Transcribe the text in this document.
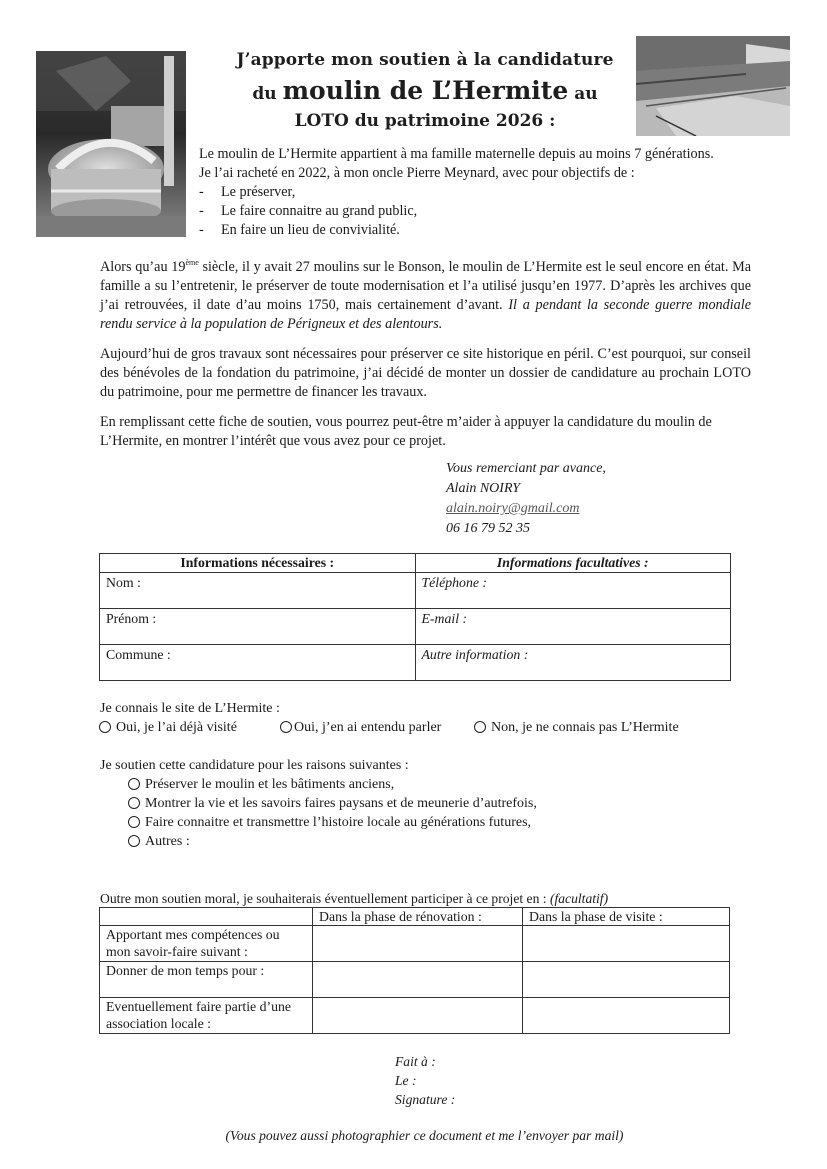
J’apporte mon soutien à la candidature
du moulin de L’Hermite au
LOTO du patrimoine 2026 :
Le moulin de L’Hermite appartient à ma famille maternelle depuis au moins 7 générations.
Je l’ai racheté en 2022, à mon oncle Pierre Meynard, avec pour objectifs de :
- Le préserver,
- Le faire connaitre au grand public,
- En faire un lieu de convivialité.
Alors qu’au 19ème siècle, il y avait 27 moulins sur le Bonson, le moulin de L’Hermite est le seul encore en état. Ma famille a su l’entretenir, le préserver de toute modernisation et l’a utilisé jusqu’en 1977. D’après les archives que j’ai retrouvées, il date d’au moins 1750, mais certainement d’avant. Il a pendant la seconde guerre mondiale rendu service à la population de Périgneux et des alentours.
Aujourd’hui de gros travaux sont nécessaires pour préserver ce site historique en péril. C’est pourquoi, sur conseil des bénévoles de la fondation du patrimoine, j’ai décidé de monter un dossier de candidature au prochain LOTO du patrimoine, pour me permettre de financer les travaux.
En remplissant cette fiche de soutien, vous pourrez peut-être m’aider à appuyer la candidature du moulin de L’Hermite, en montrer l’intérêt que vous avez pour ce projet.
Vous remerciant par avance,
Alain NOIRY
alain.noiry@gmail.com
06 16 79 52 35
Informations nécessaires :	Informations facultatives :
Nom :	Téléphone :
Prénom :	E-mail :
Commune :	Autre information :
Je connais le site de L’Hermite :
Oui, je l’ai déjà visité	Oui, j’en ai entendu parler	Non, je ne connais pas L’Hermite
Je soutien cette candidature pour les raisons suivantes :
Préserver le moulin et les bâtiments anciens,
Montrer la vie et les savoirs faires paysans et de meunerie d’autrefois,
Faire connaitre et transmettre l’histoire locale au générations futures,
Autres :
Outre mon soutien moral, je souhaiterais éventuellement participer à ce projet en : (facultatif)
	Dans la phase de rénovation :	Dans la phase de visite :
Apportant mes compétences ou mon savoir-faire suivant :		
Donner de mon temps pour :		
Eventuellement faire partie d’une association locale :		
Fait à :
Le :
Signature :
(Vous pouvez aussi photographier ce document et me l’envoyer par mail)
